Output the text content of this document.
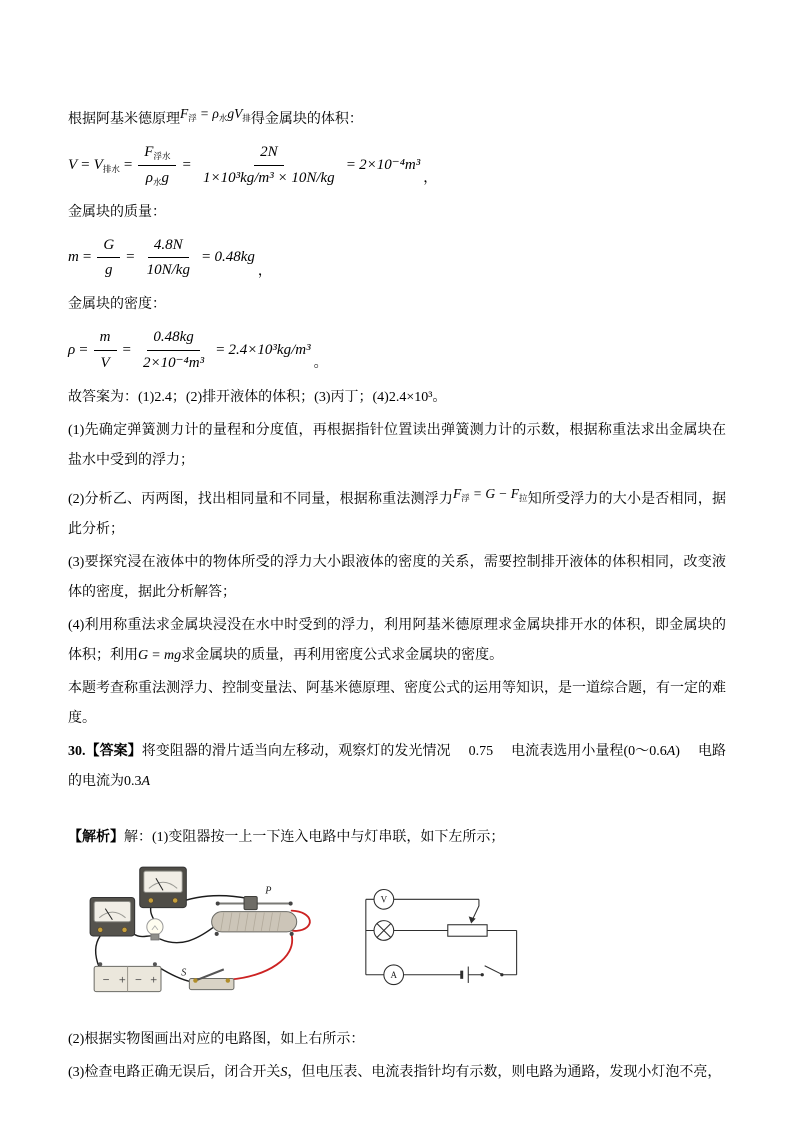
根据阿基米德原理$F_浮 = \rho_水gV_排$得金属块的体积：

$V = V_{排水} = \frac{F_{浮水}}{\rho_水g} = \frac{2N}{\text{1×10³kg/m³ × 10N/kg}} = 2\times 10^{-4}m^3$
，

金属块的质量：

$m = \frac{G}{g} = \frac{4.8N}{10N/kg} = 0.48kg$
，

金属块的密度：

$\rho = \frac{m}{V} = \frac{0.48kg}{\text{2×10⁻⁴m³}} = 2.4\times 10^3kg/m^3$
。

故答案为：(1)2.4；(2)排开液体的体积；(3)丙丁；(4)2.4×10³。

(1)先确定弹簧测力计的量程和分度值，再根据指针位置读出弹簧测力计的示数，根据称重法求出金属块在盐水中受到的浮力；

(2)分析乙、丙两图，找出相同量和不同量，根据称重法测浮力$F_浮 = G - F_拉$知所受浮力的大小是否相同，据此分析；

(3)要探究浸在液体中的物体所受的浮力大小跟液体的密度的关系，需要控制排开液体的体积相同，改变液体的密度，据此分析解答；

(4)利用称重法求金属块浸没在水中时受到的浮力，利用阿基米德原理求金属块排开水的体积，即金属块的体积；利用G = mg求金属块的质量，再利用密度公式求金属块的密度。

本题考查称重法测浮力、控制变量法、阿基米德原理、密度公式的运用等知识，是一道综合题，有一定的难度。

30.【答案】将变阻器的滑片适当向左移动，观察灯的发光情况 0.75 电流表选用小量程(0～0.6A) 电路的电流为0.3A

【解析】解：(1)变阻器按一上一下连入电路中与灯串联，如下左所示；

P
− + − +
S
V
A

(2)根据实物图画出对应的电路图，如上右所示：

(3)检查电路正确无误后，闭合开关S，但电压表、电流表指针均有示数，则电路为通路，发现小灯泡不亮，
